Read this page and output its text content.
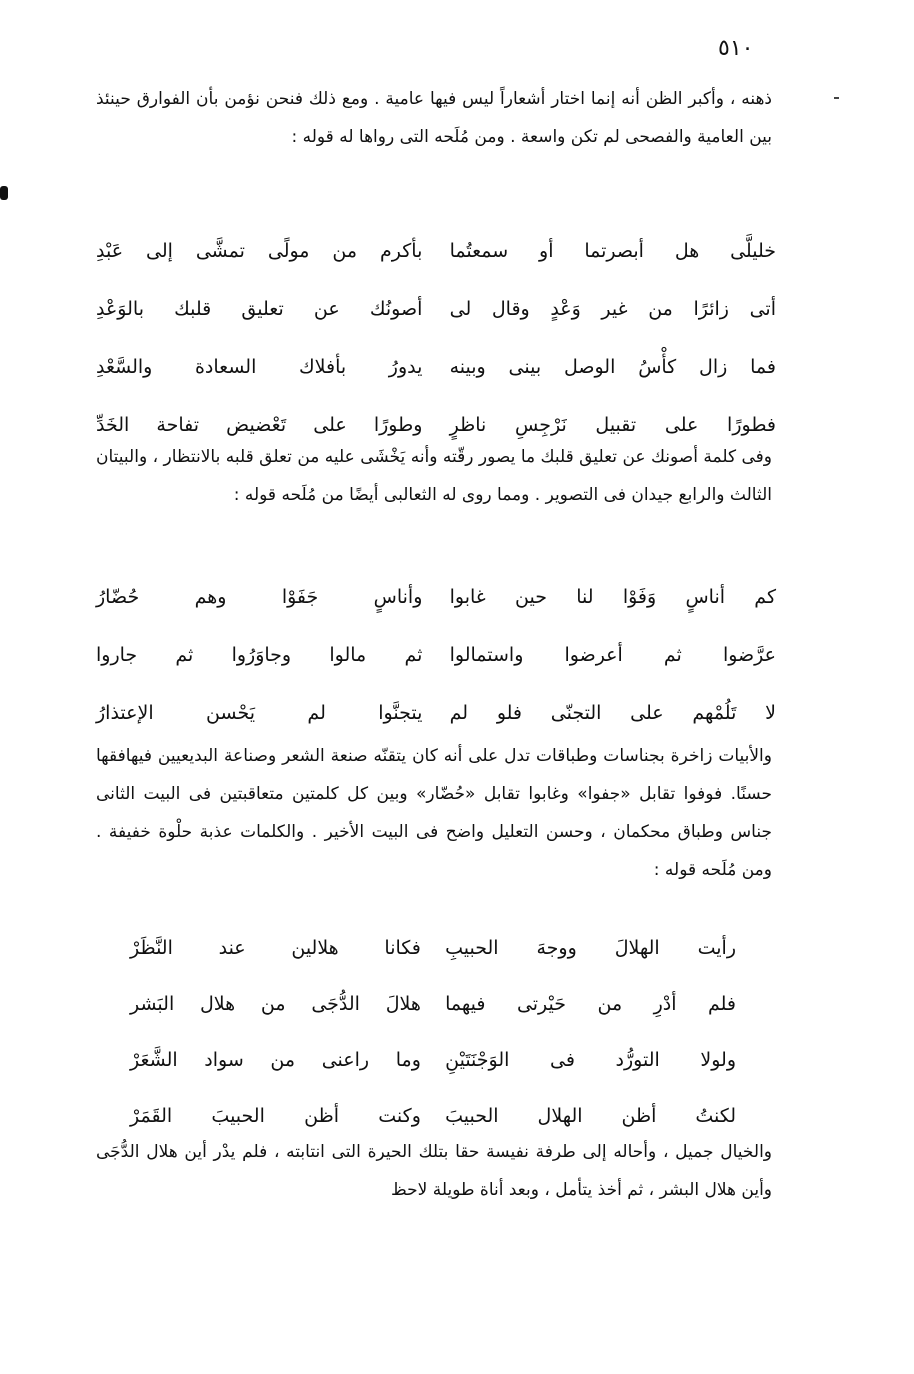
٥١٠

ذهنه ، وأكبر الظن أنه إنما اختار أشعاراً ليس فيها عامية . ومع ذلك فنحن نؤمن بأن الفوارق حينئذ بين العامية والفصحى لم تكن واسعة . ومن مُلَحه التى رواها له قوله :

خليلَّى هل أبصرتما أو سمعتُما
بأكرم من مولًى تمشَّى إلى عَبْدِ
أتى زائرًا من غير وَعْدٍ وقال لى
أصونُك عن تعليق قلبك بالوَعْدِ
فما زال كأْسُ الوصل بينى وبينه
يدورُ بأفلاك السعادة والسَّعْدِ
فطورًا على تقبيل نَرْجِسِ ناظرٍ
وطورًا على تَعْضيض تفاحة الخَدِّ

وفى كلمة أصونك عن تعليق قلبك ما يصور رقّته وأنه يَخْشَى عليه من تعلق قلبه بالانتظار ، والبيتان الثالث والرابع جيدان فى التصوير . ومما روى له الثعالبى أيضًا من مُلَحه قوله :

كم أناسٍ وَفَوْا لنا حين غابوا
وأناسٍ جَفَوْا وهم حُضّارُ
عرَّضوا ثم أعرضوا واستمالوا
ثم مالوا وجاوَرُوا ثم جاروا
لا تَلُمْهم على التجنّى فلو لم
يتجنَّوا لم يَحْسن الإعتذارُ

والأبيات زاخرة بجناسات وطباقات تدل على أنه كان يتقنّه صنعة الشعر وصناعة البديعيين فيهافقها حسنًا. فوفوا تقابل «جفوا» وغابوا تقابل «حُضّار» وبين كل كلمتين متعاقبتين فى البيت الثانى جناس وطباق محكمان ، وحسن التعليل واضح فى البيت الأخير . والكلمات عذبة حلْوة خفيفة . ومن مُلَحه قوله :

رأيت الهلالَ ووجهَ الحبيبِ
فكانا هلالين عند النَّظَرْ
فلم أدْرِ من حَيْرتى فيهما
هلالَ الدُّجَى من هلال البَشر
ولولا التورُّد فى الوَجْنَتَيْنِ
وما راعنى من سواد الشَّعَرْ
لكنتُ أظن الهلال الحبيبَ
وكنت أظن الحبيبَ القَمَرْ

والخيال جميل ، وأحاله إلى طرفة نفيسة حقا بتلك الحيرة التى انتابته ، فلم يدْر أين هلال الدُّجَى وأين هلال البشر ، ثم أخذ يتأمل ، وبعد أناة طويلة لاحظ
